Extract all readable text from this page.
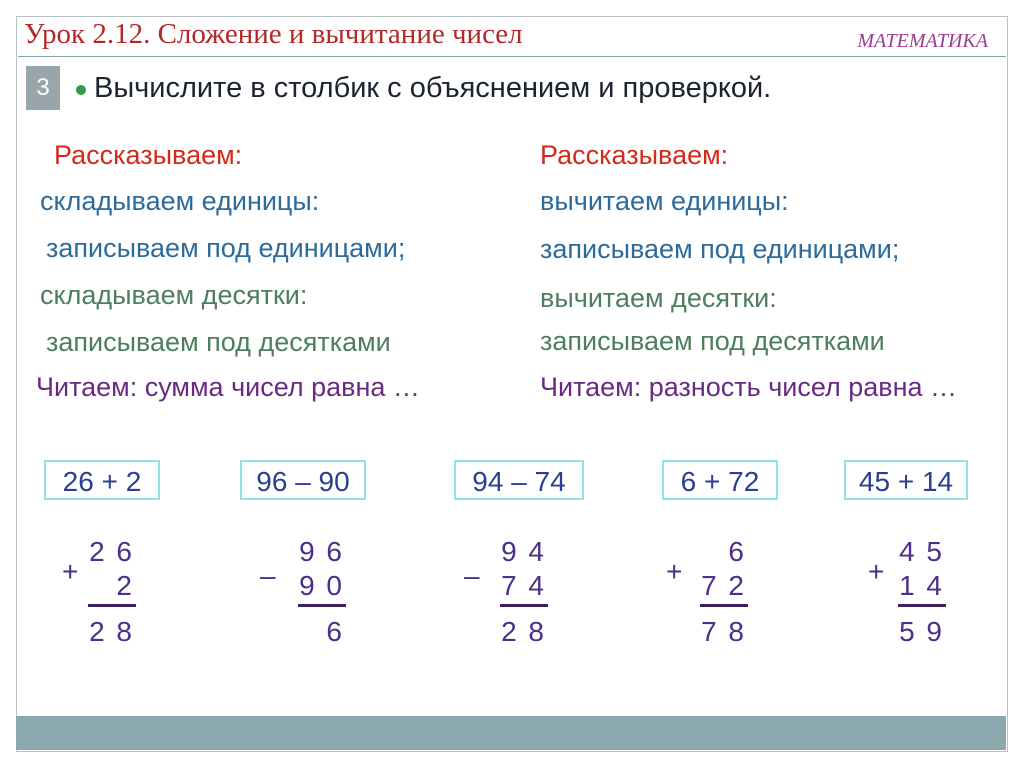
Урок 2.12. Сложение и вычитание чисел	МАТЕМАТИКА
3	Вычислите в столбик с объяснением и проверкой.
Рассказываем:
складываем единицы:
записываем под единицами;
складываем десятки:
записываем под десятками
Читаем: сумма чисел равна …
Рассказываем:
вычитаем единицы:
записываем под единицами;
вычитаем десятки:
записываем под десятками
Читаем: разность чисел равна …
26 + 2
+
2 6
2
2 8
96 – 90
–
9 6
9 0
6
94 – 74
–
9 4
7 4
2 8
6 + 72
+
6
7 2
7 8
45 + 14
+
4 5
1 4
5 9
